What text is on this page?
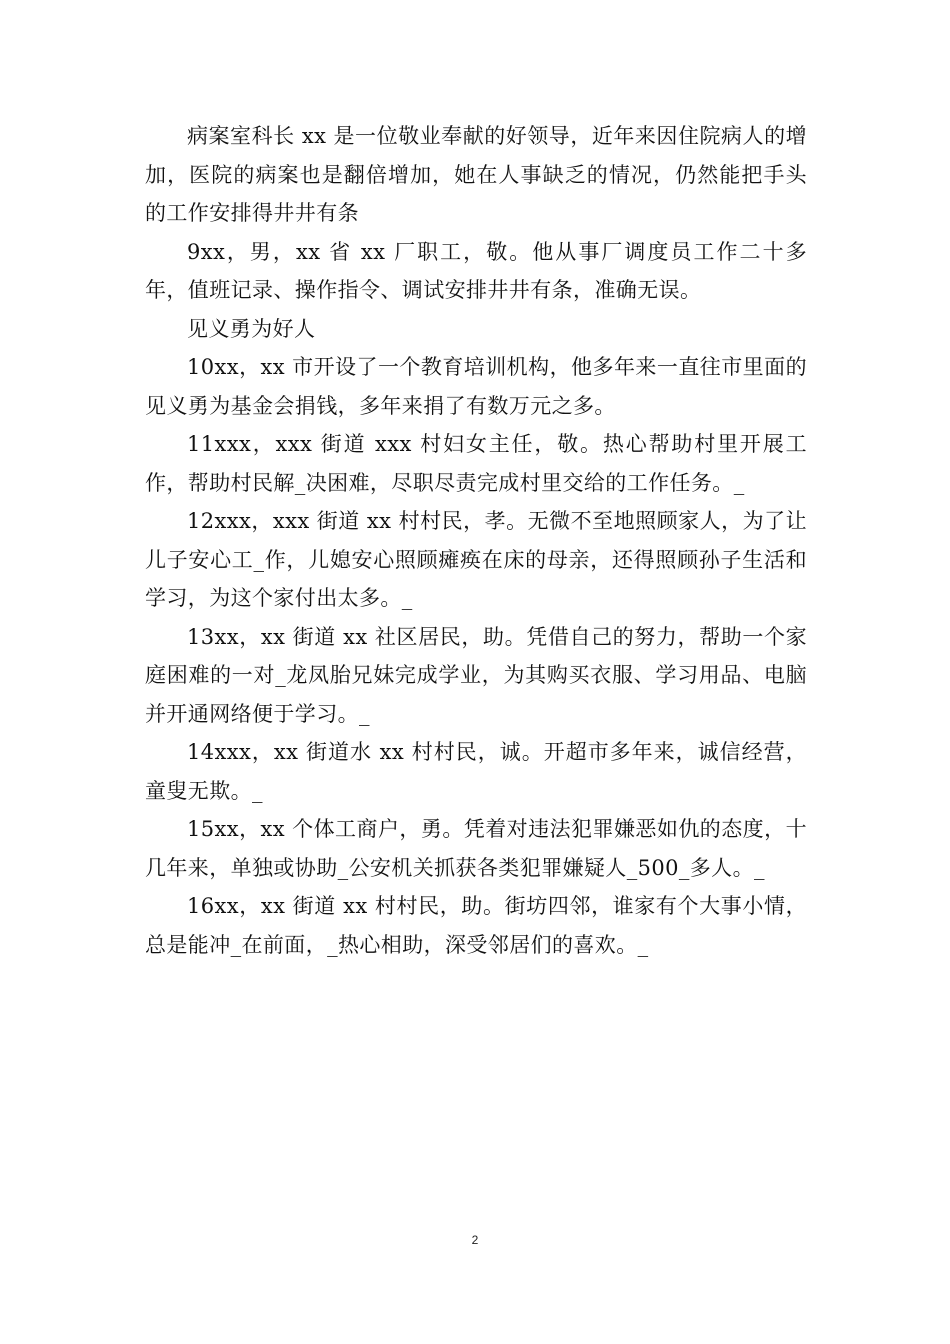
病案室科长 xx 是一位敬业奉献的好领导，近年来因住院病人的增加，医院的病案也是翻倍增加，她在人事缺乏的情况，仍然能把手头的工作安排得井井有条

9xx，男，xx 省 xx 厂职工，敬。他从事厂调度员工作二十多年，值班记录、操作指令、调试安排井井有条，准确无误。

见义勇为好人

10xx，xx 市开设了一个教育培训机构，他多年来一直往市里面的见义勇为基金会捐钱，多年来捐了有数万元之多。

11xxx，xxx 街道 xxx 村妇女主任，敬。热心帮助村里开展工作，帮助村民解_决困难，尽职尽责完成村里交给的工作任务。_

12xxx，xxx 街道 xx 村村民，孝。无微不至地照顾家人，为了让儿子安心工_作，儿媳安心照顾瘫痪在床的母亲，还得照顾孙子生活和学习，为这个家付出太多。_

13xx，xx 街道 xx 社区居民，助。凭借自己的努力，帮助一个家庭困难的一对_龙凤胎兄妹完成学业，为其购买衣服、学习用品、电脑并开通网络便于学习。_

14xxx，xx 街道水 xx 村村民，诚。开超市多年来，诚信经营，童叟无欺。_

15xx，xx 个体工商户，勇。凭着对违法犯罪嫌恶如仇的态度，十几年来，单独或协助_公安机关抓获各类犯罪嫌疑人_500_多人。_

16xx，xx 街道 xx 村村民，助。街坊四邻，谁家有个大事小情，总是能冲_在前面，_热心相助，深受邻居们的喜欢。_

2
